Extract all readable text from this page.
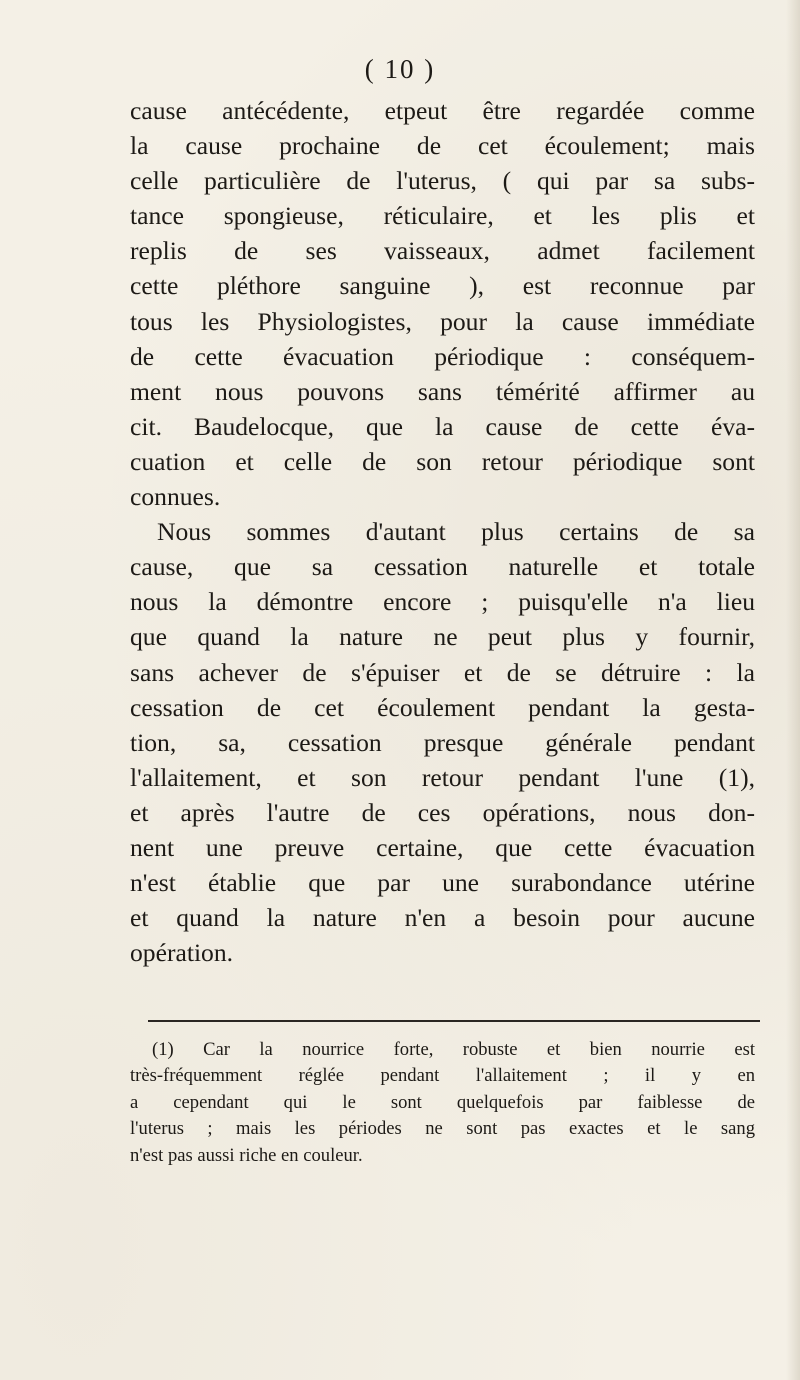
( 10 )
cause antécédente, etpeut être regardée comme
la cause prochaine de cet écoulement; mais
celle particulière de l'uterus, ( qui par sa subs-
tance spongieuse, réticulaire, et les plis et
replis de ses vaisseaux, admet facilement
cette pléthore sanguine ), est reconnue par
tous les Physiologistes, pour la cause immédiate
de cette évacuation périodique : conséquem-
ment nous pouvons sans témérité affirmer au
cit. Baudelocque, que la cause de cette éva-
cuation et celle de son retour périodique sont
connues.
Nous sommes d'autant plus certains de sa
cause, que sa cessation naturelle et totale
nous la démontre encore ; puisqu'elle n'a lieu
que quand la nature ne peut plus y fournir,
sans achever de s'épuiser et de se détruire : la
cessation de cet écoulement pendant la gesta-
tion, sa, cessation presque générale pendant
l'allaitement, et son retour pendant l'une (1),
et après l'autre de ces opérations, nous don-
nent une preuve certaine, que cette évacuation
n'est établie que par une surabondance utérine
et quand la nature n'en a besoin pour aucune
opération.
(1) Car la nourrice forte, robuste et bien nourrie est
très-fréquemment réglée pendant l'allaitement ; il y en
a cependant qui le sont quelquefois par faiblesse de
l'uterus ; mais les périodes ne sont pas exactes et le sang
n'est pas aussi riche en couleur.
